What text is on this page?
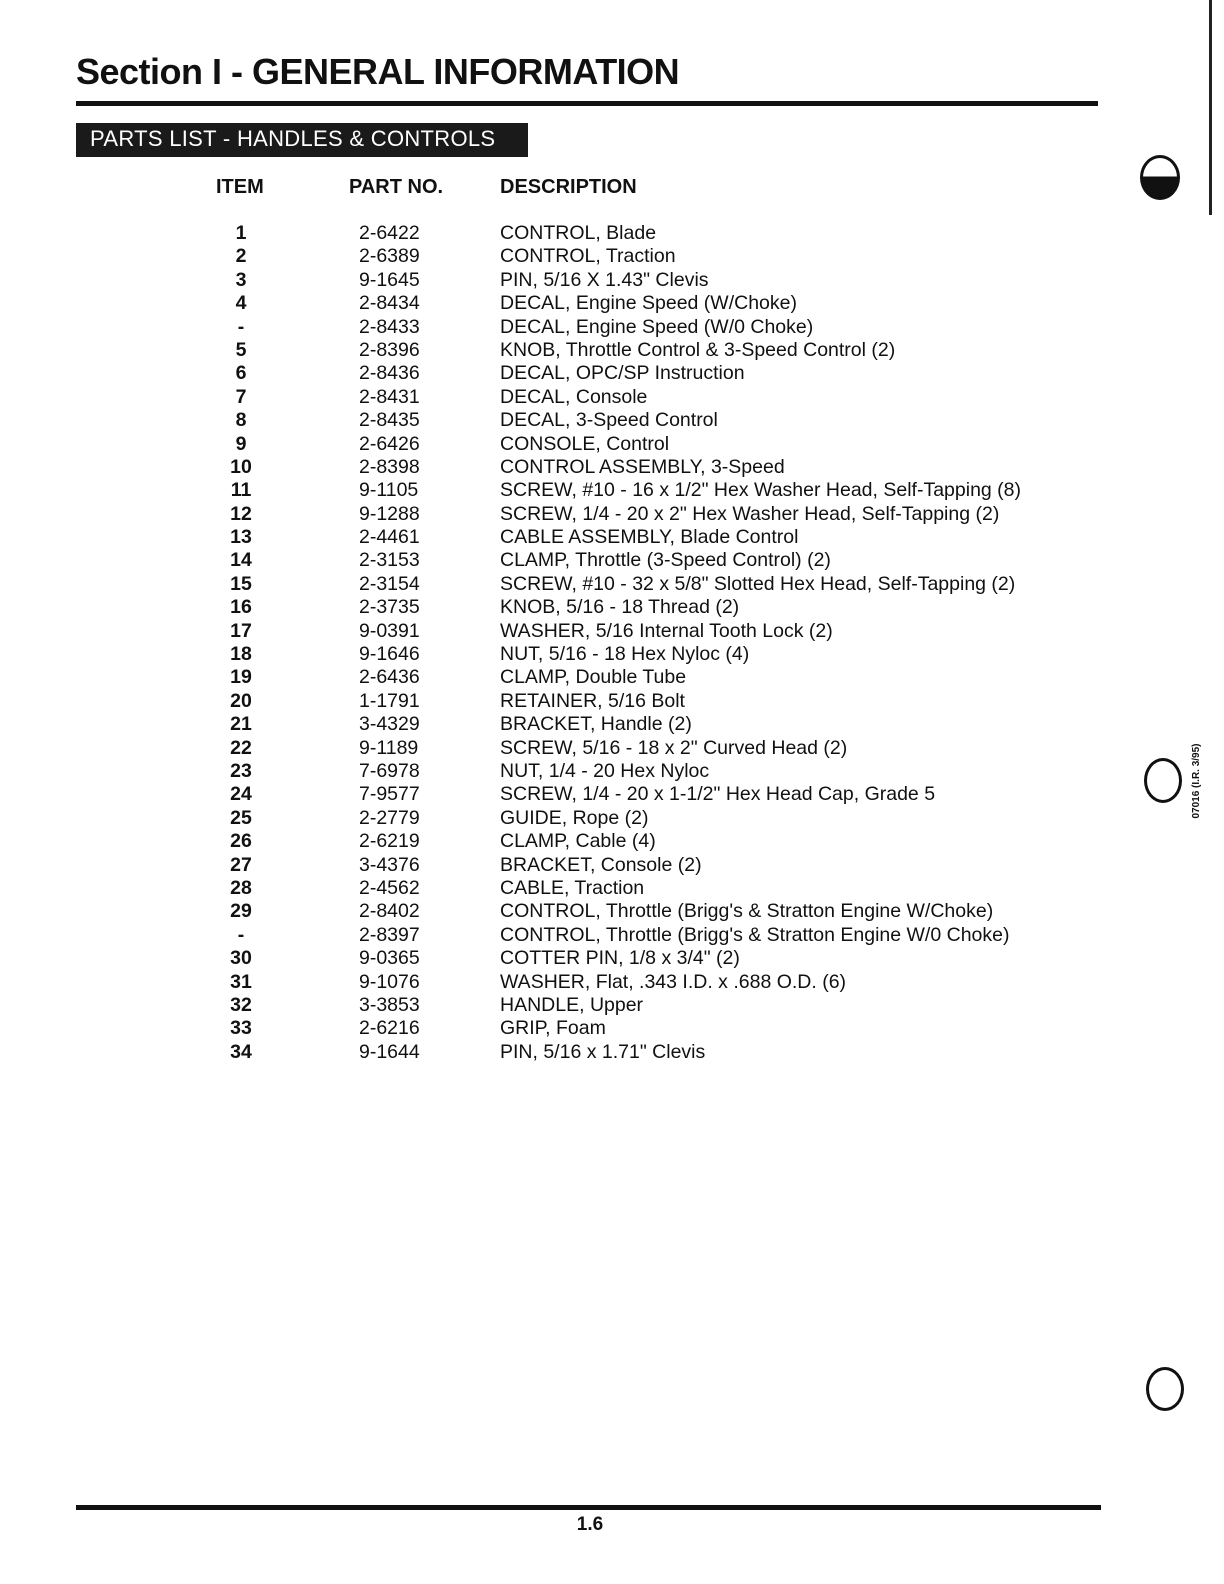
Section I - GENERAL INFORMATION
PARTS LIST - HANDLES & CONTROLS
ITEM	PART NO.	DESCRIPTION
1	2-6422	CONTROL, Blade
2	2-6389	CONTROL, Traction
3	9-1645	PIN, 5/16 X 1.43" Clevis
4	2-8434	DECAL, Engine Speed (W/Choke)
-	2-8433	DECAL, Engine Speed (W/0 Choke)
5	2-8396	KNOB, Throttle Control & 3-Speed Control (2)
6	2-8436	DECAL, OPC/SP Instruction
7	2-8431	DECAL, Console
8	2-8435	DECAL, 3-Speed Control
9	2-6426	CONSOLE, Control
10	2-8398	CONTROL ASSEMBLY, 3-Speed
11	9-1105	SCREW, #10 - 16 x 1/2" Hex Washer Head, Self-Tapping (8)
12	9-1288	SCREW, 1/4 - 20 x 2" Hex Washer Head, Self-Tapping (2)
13	2-4461	CABLE ASSEMBLY, Blade Control
14	2-3153	CLAMP, Throttle (3-Speed Control) (2)
15	2-3154	SCREW, #10 - 32 x 5/8" Slotted Hex Head, Self-Tapping (2)
16	2-3735	KNOB, 5/16 - 18 Thread (2)
17	9-0391	WASHER, 5/16 Internal Tooth Lock (2)
18	9-1646	NUT, 5/16 - 18 Hex Nyloc (4)
19	2-6436	CLAMP, Double Tube
20	1-1791	RETAINER, 5/16 Bolt
21	3-4329	BRACKET, Handle (2)
22	9-1189	SCREW, 5/16 - 18 x 2" Curved Head (2)
23	7-6978	NUT, 1/4 - 20 Hex Nyloc
24	7-9577	SCREW, 1/4 - 20 x 1-1/2" Hex Head Cap, Grade 5
25	2-2779	GUIDE, Rope (2)
26	2-6219	CLAMP, Cable (4)
27	3-4376	BRACKET, Console (2)
28	2-4562	CABLE, Traction
29	2-8402	CONTROL, Throttle (Brigg's & Stratton Engine W/Choke)
-	2-8397	CONTROL, Throttle (Brigg's & Stratton Engine W/0 Choke)
30	9-0365	COTTER PIN, 1/8 x 3/4" (2)
31	9-1076	WASHER, Flat, .343 I.D. x .688 O.D. (6)
32	3-3853	HANDLE, Upper
33	2-6216	GRIP, Foam
34	9-1644	PIN, 5/16 x 1.71" Clevis
07016 (I.R. 3/95)
1.6
